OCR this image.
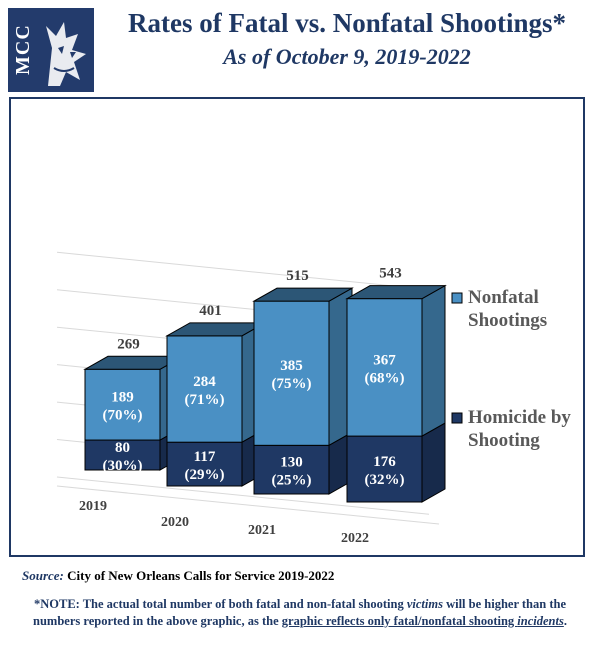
MCC
Rates of Fatal vs. Nonfatal Shootings*
As of October 9, 2019-2022
80
(30%)
189
(70%)
269
2019
117
(29%)
284
(71%)
401
2020
130
(25%)
385
(75%)
515
2021
176
(32%)
367
(68%)
543
2022
Nonfatal Shootings
Homicide by Shooting
Source: City of New Orleans Calls for Service 2019-2022
*NOTE: The actual total number of both fatal and non-fatal shooting victims will be higher than the numbers reported in the above graphic, as the graphic reflects only fatal/nonfatal shooting incidents.
